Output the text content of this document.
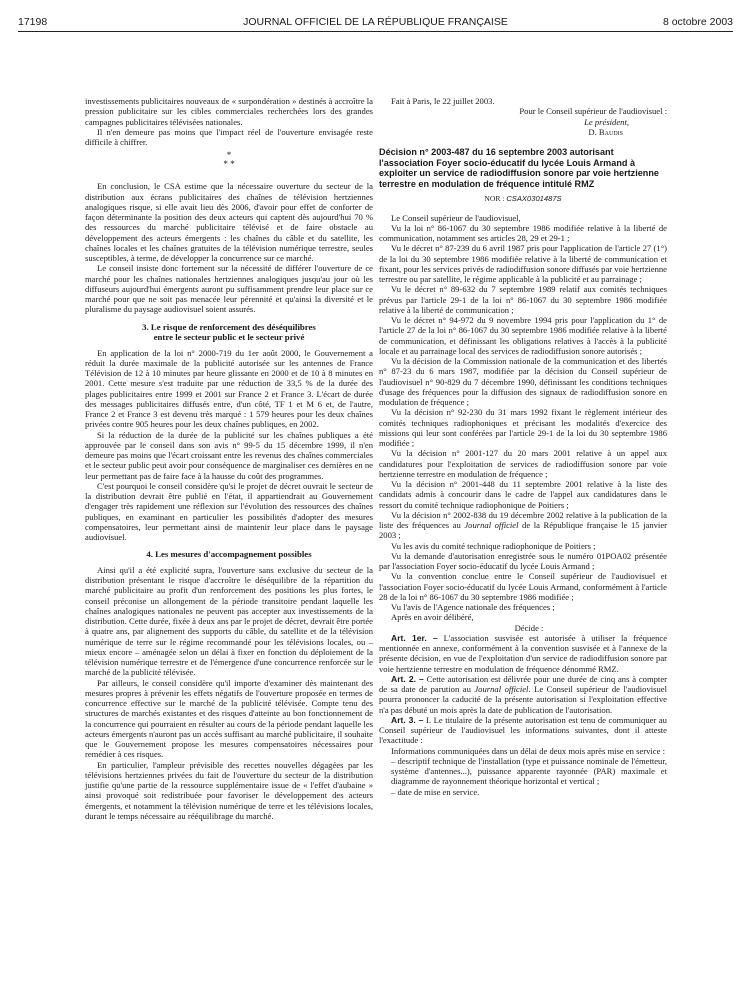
17198	JOURNAL OFFICIEL DE LA RÉPUBLIQUE FRANÇAISE	8 octobre 2003

investissements publicitaires nouveaux de « surpondération » destinés à accroître la pression publicitaire sur les cibles commerciales recherchées lors des grandes campagnes publicitaires télévisées nationales.

Il n'en demeure pas moins que l'impact réel de l'ouverture envisagée reste difficile à chiffrer.

*
* *

En conclusion, le CSA estime que la nécessaire ouverture du secteur de la distribution aux écrans publicitaires des chaînes de télévision hertziennes analogiques risque, si elle avait lieu dès 2006, d'avoir pour effet de conforter de façon déterminante la position des deux acteurs qui captent dès aujourd'hui 70 % des ressources du marché publicitaire télévisé et de faire obstacle au développement des acteurs émergents : les chaînes du câble et du satellite, les chaînes locales et les chaînes gratuites de la télévision numérique terrestre, seules susceptibles, à terme, de développer la concurrence sur ce marché.

Le conseil insiste donc fortement sur la nécessité de différer l'ouverture de ce marché pour les chaînes nationales hertziennes analogiques jusqu'au jour où les diffuseurs aujourd'hui émergents auront pu suffisamment prendre leur place sur ce marché pour que ne soit pas menacée leur pérennité et qu'ainsi la diversité et le pluralisme du paysage audiovisuel soient assurés.

3. Le risque de renforcement des déséquilibres
entre le secteur public et le secteur privé

En application de la loi n° 2000-719 du 1er août 2000, le Gouvernement a réduit la durée maximale de la publicité autorisée sur les antennes de France Télévision de 12 à 10 minutes par heure glissante en 2000 et de 10 à 8 minutes en 2001. Cette mesure s'est traduite par une réduction de 33,5 % de la durée des plages publicitaires entre 1999 et 2001 sur France 2 et France 3. L'écart de durée des messages publicitaires diffusés entre, d'un côté, TF 1 et M 6 et, de l'autre, France 2 et France 3 est devenu très marqué : 1 579 heures pour les deux chaînes privées contre 905 heures pour les deux chaînes publiques, en 2002.

Si la réduction de la durée de la publicité sur les chaînes publiques a été approuvée par le conseil dans son avis n° 99-5 du 15 décembre 1999, il n'en demeure pas moins que l'écart croissant entre les revenus des chaînes commerciales et le secteur public peut avoir pour conséquence de marginaliser ces dernières en ne leur permettant pas de faire face à la hausse du coût des programmes.

C'est pourquoi le conseil considère qu'si le projet de décret ouvrait le secteur de la distribution devrait être publié en l'état, il appartiendrait au Gouvernement d'engager très rapidement une réflexion sur l'évolution des ressources des chaînes publiques, en examinant en particulier les possibilités d'adopter des mesures compensatoires, leur permettant ainsi de maintenir leur place dans le paysage audiovisuel.

4. Les mesures d'accompagnement possibles

Ainsi qu'il a été explicité supra, l'ouverture sans exclusive du secteur de la distribution présentant le risque d'accroître le déséquilibre de la répartition du marché publicitaire au profit d'un renforcement des positions les plus fortes, le conseil préconise un allongement de la période transitoire pendant laquelle les chaînes analogiques nationales ne peuvent pas accepter aux investissements de la distribution. Cette durée, fixée à deux ans par le projet de décret, devrait être portée à quatre ans, par alignement des supports du câble, du satellite et de la télévision numérique de terre sur le régime recommandé pour les télévisions locales, ou – mieux encore – aménagée selon un délai à fixer en fonction du déploiement de la télévision numérique terrestre et de l'émergence d'une concurrence renforcée sur le marché de la publicité télévisée.

Par ailleurs, le conseil considère qu'il importe d'examiner dès maintenant des mesures propres à prévenir les effets négatifs de l'ouverture proposée en termes de concurrence effective sur le marché de la publicité télévisée. Compte tenu des structures de marchés existantes et des risques d'atteinte au bon fonctionnement de la concurrence qui pourraient en résulter au cours de la période pendant laquelle les acteurs émergents n'auront pas un accès suffisant au marché publicitaire, il souhaite que le Gouvernement propose les mesures compensatoires nécessaires pour remédier à ces risques.

En particulier, l'ampleur prévisible des recettes nouvelles dégagées par les télévisions hertziennes privées du fait de l'ouverture du secteur de la distribution justifie qu'une partie de la ressource supplémentaire issue de « l'effet d'aubaine » ainsi provoqué soit redistribuée pour favoriser le développement des acteurs émergents, et notamment la télévision numérique de terre et les télévisions locales, durant le temps nécessaire au rééquilibrage du marché.

Fait à Paris, le 22 juillet 2003.

Pour le Conseil supérieur de l'audiovisuel :

Le président,

D. Baudis

Décision n° 2003-487 du 16 septembre 2003 autorisant l'association Foyer socio-éducatif du lycée Louis Armand à exploiter un service de radiodiffusion sonore par voie hertzienne terrestre en modulation de fréquence intitulé RMZ
NOR : CSAX0301487S

Le Conseil supérieur de l'audiovisuel,

Vu la loi n° 86-1067 du 30 septembre 1986 modifiée relative à la liberté de communication, notamment ses articles 28, 29 et 29-1 ;

Vu le décret n° 87-239 du 6 avril 1987 pris pour l'application de l'article 27 (1°) de la loi du 30 septembre 1986 modifiée relative à la liberté de communication et fixant, pour les services privés de radiodiffusion sonore diffusés par voie hertzienne terrestre ou par satellite, le régime applicable à la publicité et au parrainage ;

Vu le décret n° 89-632 du 7 septembre 1989 relatif aux comités techniques prévus par l'article 29-1 de la loi n° 86-1067 du 30 septembre 1986 modifiée relative à la liberté de communication ;

Vu le décret n° 94-972 du 9 novembre 1994 pris pour l'application du 1° de l'article 27 de la loi n° 86-1067 du 30 septembre 1986 modifiée relative à la liberté de communication, et définissant les obligations relatives à l'accès à la publicité locale et au parrainage local des services de radiodiffusion sonore autorisés ;

Vu la décision de la Commission nationale de la communication et des libertés n° 87-23 du 6 mars 1987, modifiée par la décision du Conseil supérieur de l'audiovisuel n° 90-829 du 7 décembre 1990, définissant les conditions techniques d'usage des fréquences pour la diffusion des signaux de radiodiffusion sonore en modulation de fréquence ;

Vu la décision n° 92-230 du 31 mars 1992 fixant le règlement intérieur des comités techniques radiophoniques et précisant les modalités d'exercice des missions qui leur sont conférées par l'article 29-1 de la loi du 30 septembre 1986 modifiée ;

Vu la décision n° 2001-127 du 20 mars 2001 relative à un appel aux candidatures pour l'exploitation de services de radiodiffusion sonore par voie hertzienne terrestre en modulation de fréquence ;

Vu la décision n° 2001-448 du 11 septembre 2001 relative à la liste des candidats admis à concourir dans le cadre de l'appel aux candidatures dans le ressort du comité technique radiophonique de Poitiers ;

Vu la décision n° 2002-838 du 19 décembre 2002 relative à la publication de la liste des fréquences au Journal officiel de la République française le 15 janvier 2003 ;

Vu les avis du comité technique radiophonique de Poitiers ;

Vu la demande d'autorisation enregistrée sous le numéro 01POA02 présentée par l'association Foyer socio-éducatif du lycée Louis Armand ;

Vu la convention conclue entre le Conseil supérieur de l'audiovisuel et l'association Foyer socio-éducatif du lycée Louis Armand, conformément à l'article 28 de la loi n° 86-1067 du 30 septembre 1986 modifiée ;

Vu l'avis de l'Agence nationale des fréquences ;

Après en avoir délibéré,

Décide :

Art. 1er. – L'association susvisée est autorisée à utiliser la fréquence mentionnée en annexe, conformément à la convention susvisée et à l'annexe de la présente décision, en vue de l'exploitation d'un service de radiodiffusion sonore par voie hertzienne terrestre en modulation de fréquence dénommé RMZ.

Art. 2. – Cette autorisation est délivrée pour une durée de cinq ans à compter de sa date de parution au Journal officiel. Le Conseil supérieur de l'audiovisuel pourra prononcer la caducité de la présente autorisation si l'exploitation effective n'a pas débuté un mois après la date de publication de l'autorisation.

Art. 3. – I. Le titulaire de la présente autorisation est tenu de communiquer au Conseil supérieur de l'audiovisuel les informations suivantes, dont il atteste l'exactitude :

Informations communiquées dans un délai de deux mois après mise en service :

– descriptif technique de l'installation (type et puissance nominale de l'émetteur, système d'antennes...), puissance apparente rayonnée (PAR) maximale et diagramme de rayonnement théorique horizontal et vertical ;

– date de mise en service.
